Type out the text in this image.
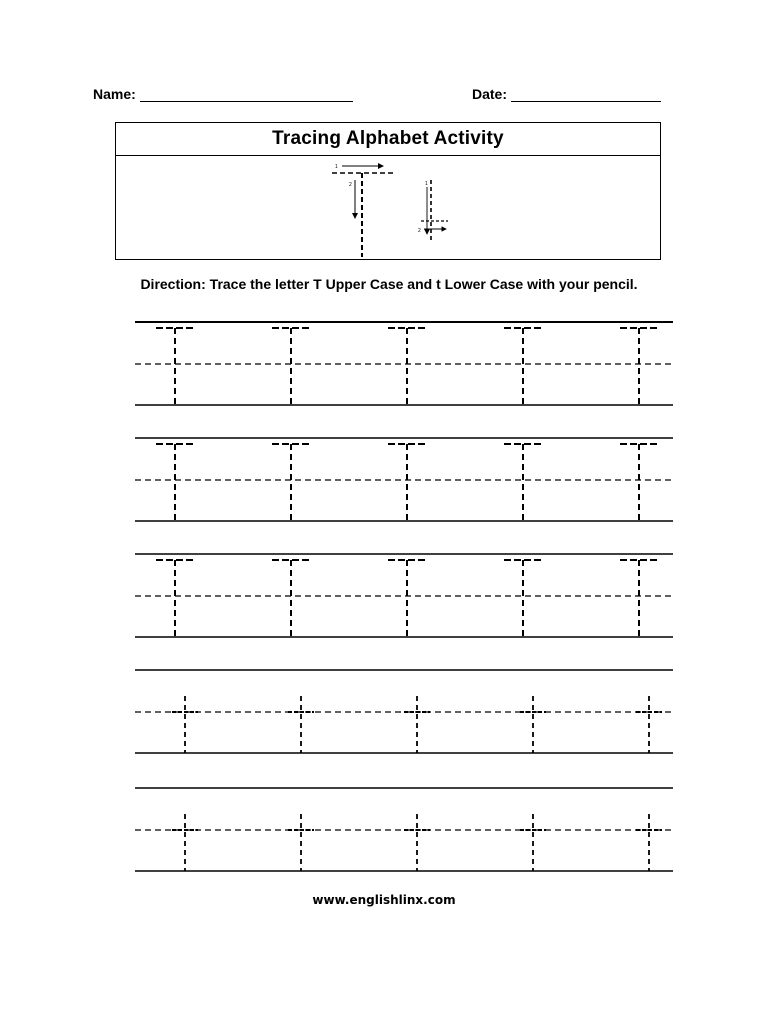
Name:	Date:
Tracing Alphabet Activity
1
2	1
2
Direction: Trace the letter T Upper Case and t Lower Case with your pencil.
www.englishlinx.com
